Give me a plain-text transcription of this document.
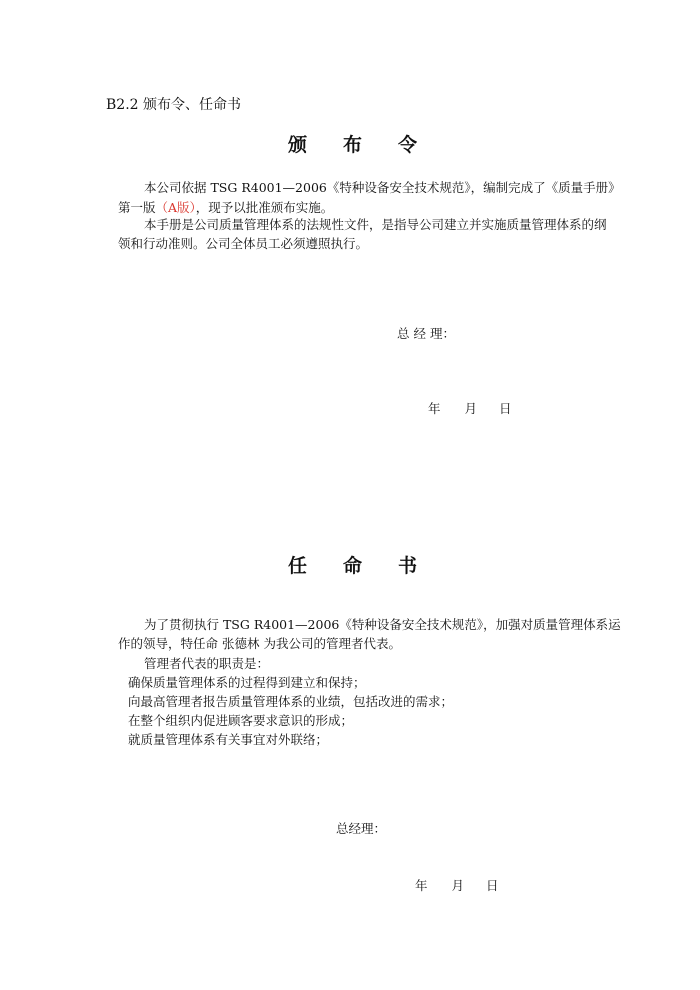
B2.2 颁布令、任命书
颁 布 令
本公司依据 TSG R4001—2006《特种设备安全技术规范》，编制完成了《质量手册》
第一版（A版），现予以批准颁布实施。
本手册是公司质量管理体系的法规性文件，是指导公司建立并实施质量管理体系的纲
领和行动准则。公司全体员工必须遵照执行。
总 经 理：
年 月 日
任 命 书
为了贯彻执行 TSG R4001—2006《特种设备安全技术规范》，加强对质量管理体系运
作的领导，特任命 张德林 为我公司的管理者代表。
管理者代表的职责是：
确保质量管理体系的过程得到建立和保持；
向最高管理者报告质量管理体系的业绩，包括改进的需求；
在整个组织内促进顾客要求意识的形成；
就质量管理体系有关事宜对外联络；
总经理：
年 月 日
